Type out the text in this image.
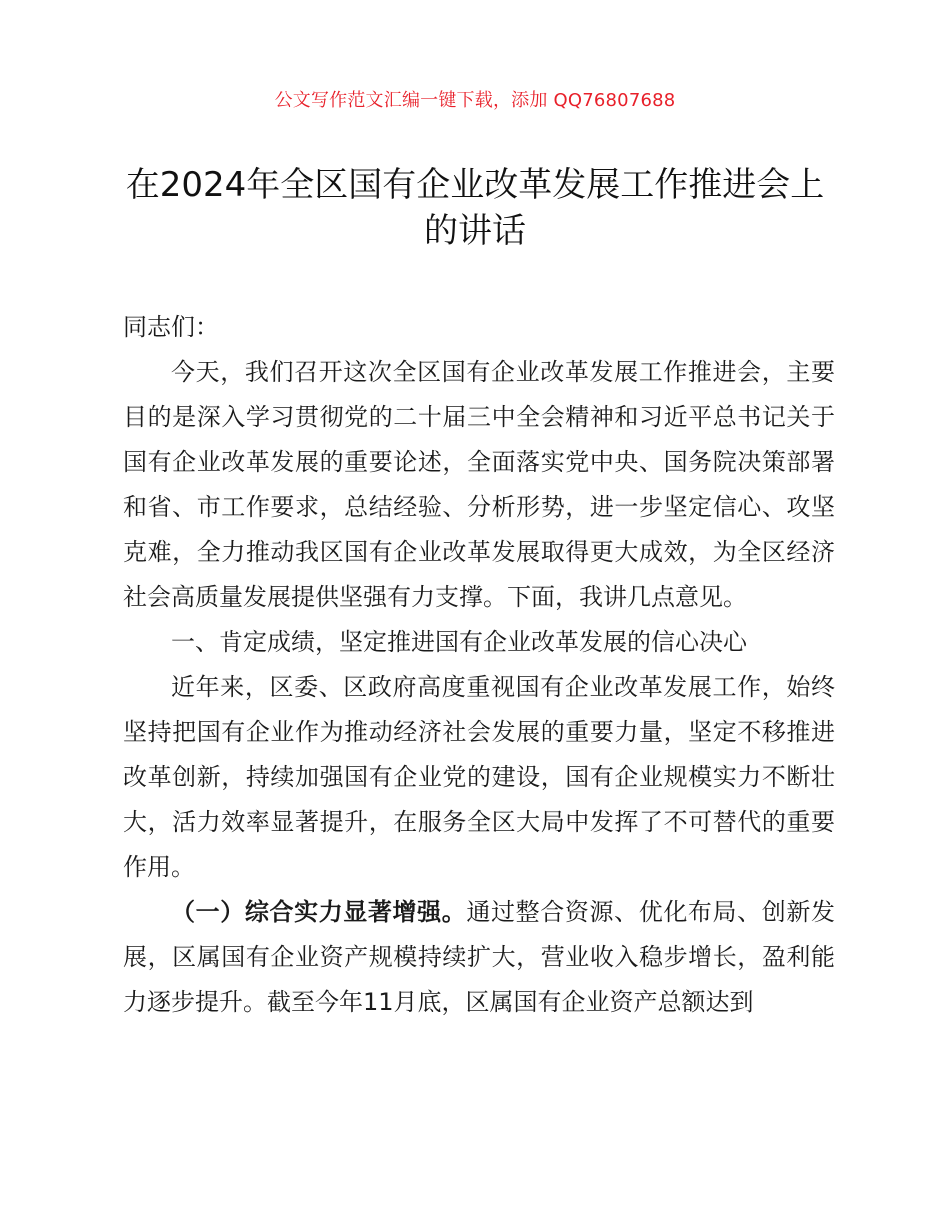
公文写作范文汇编一键下载，添加 QQ76807688
在2024年全区国有企业改革发展工作推进会上的讲话

同志们：

今天，我们召开这次全区国有企业改革发展工作推进会，主要目的是深入学习贯彻党的二十届三中全会精神和习近平总书记关于国有企业改革发展的重要论述，全面落实党中央、国务院决策部署和省、市工作要求，总结经验、分析形势，进一步坚定信心、攻坚克难，全力推动我区国有企业改革发展取得更大成效，为全区经济社会高质量发展提供坚强有力支撑。下面，我讲几点意见。

一、肯定成绩，坚定推进国有企业改革发展的信心决心

近年来，区委、区政府高度重视国有企业改革发展工作，始终坚持把国有企业作为推动经济社会发展的重要力量，坚定不移推进改革创新，持续加强国有企业党的建设，国有企业规模实力不断壮大，活力效率显著提升，在服务全区大局中发挥了不可替代的重要作用。

（一）综合实力显著增强。通过整合资源、优化布局、创新发展，区属国有企业资产规模持续扩大，营业收入稳步增长，盈利能力逐步提升。截至今年11月底，区属国有企业资产总额达到
